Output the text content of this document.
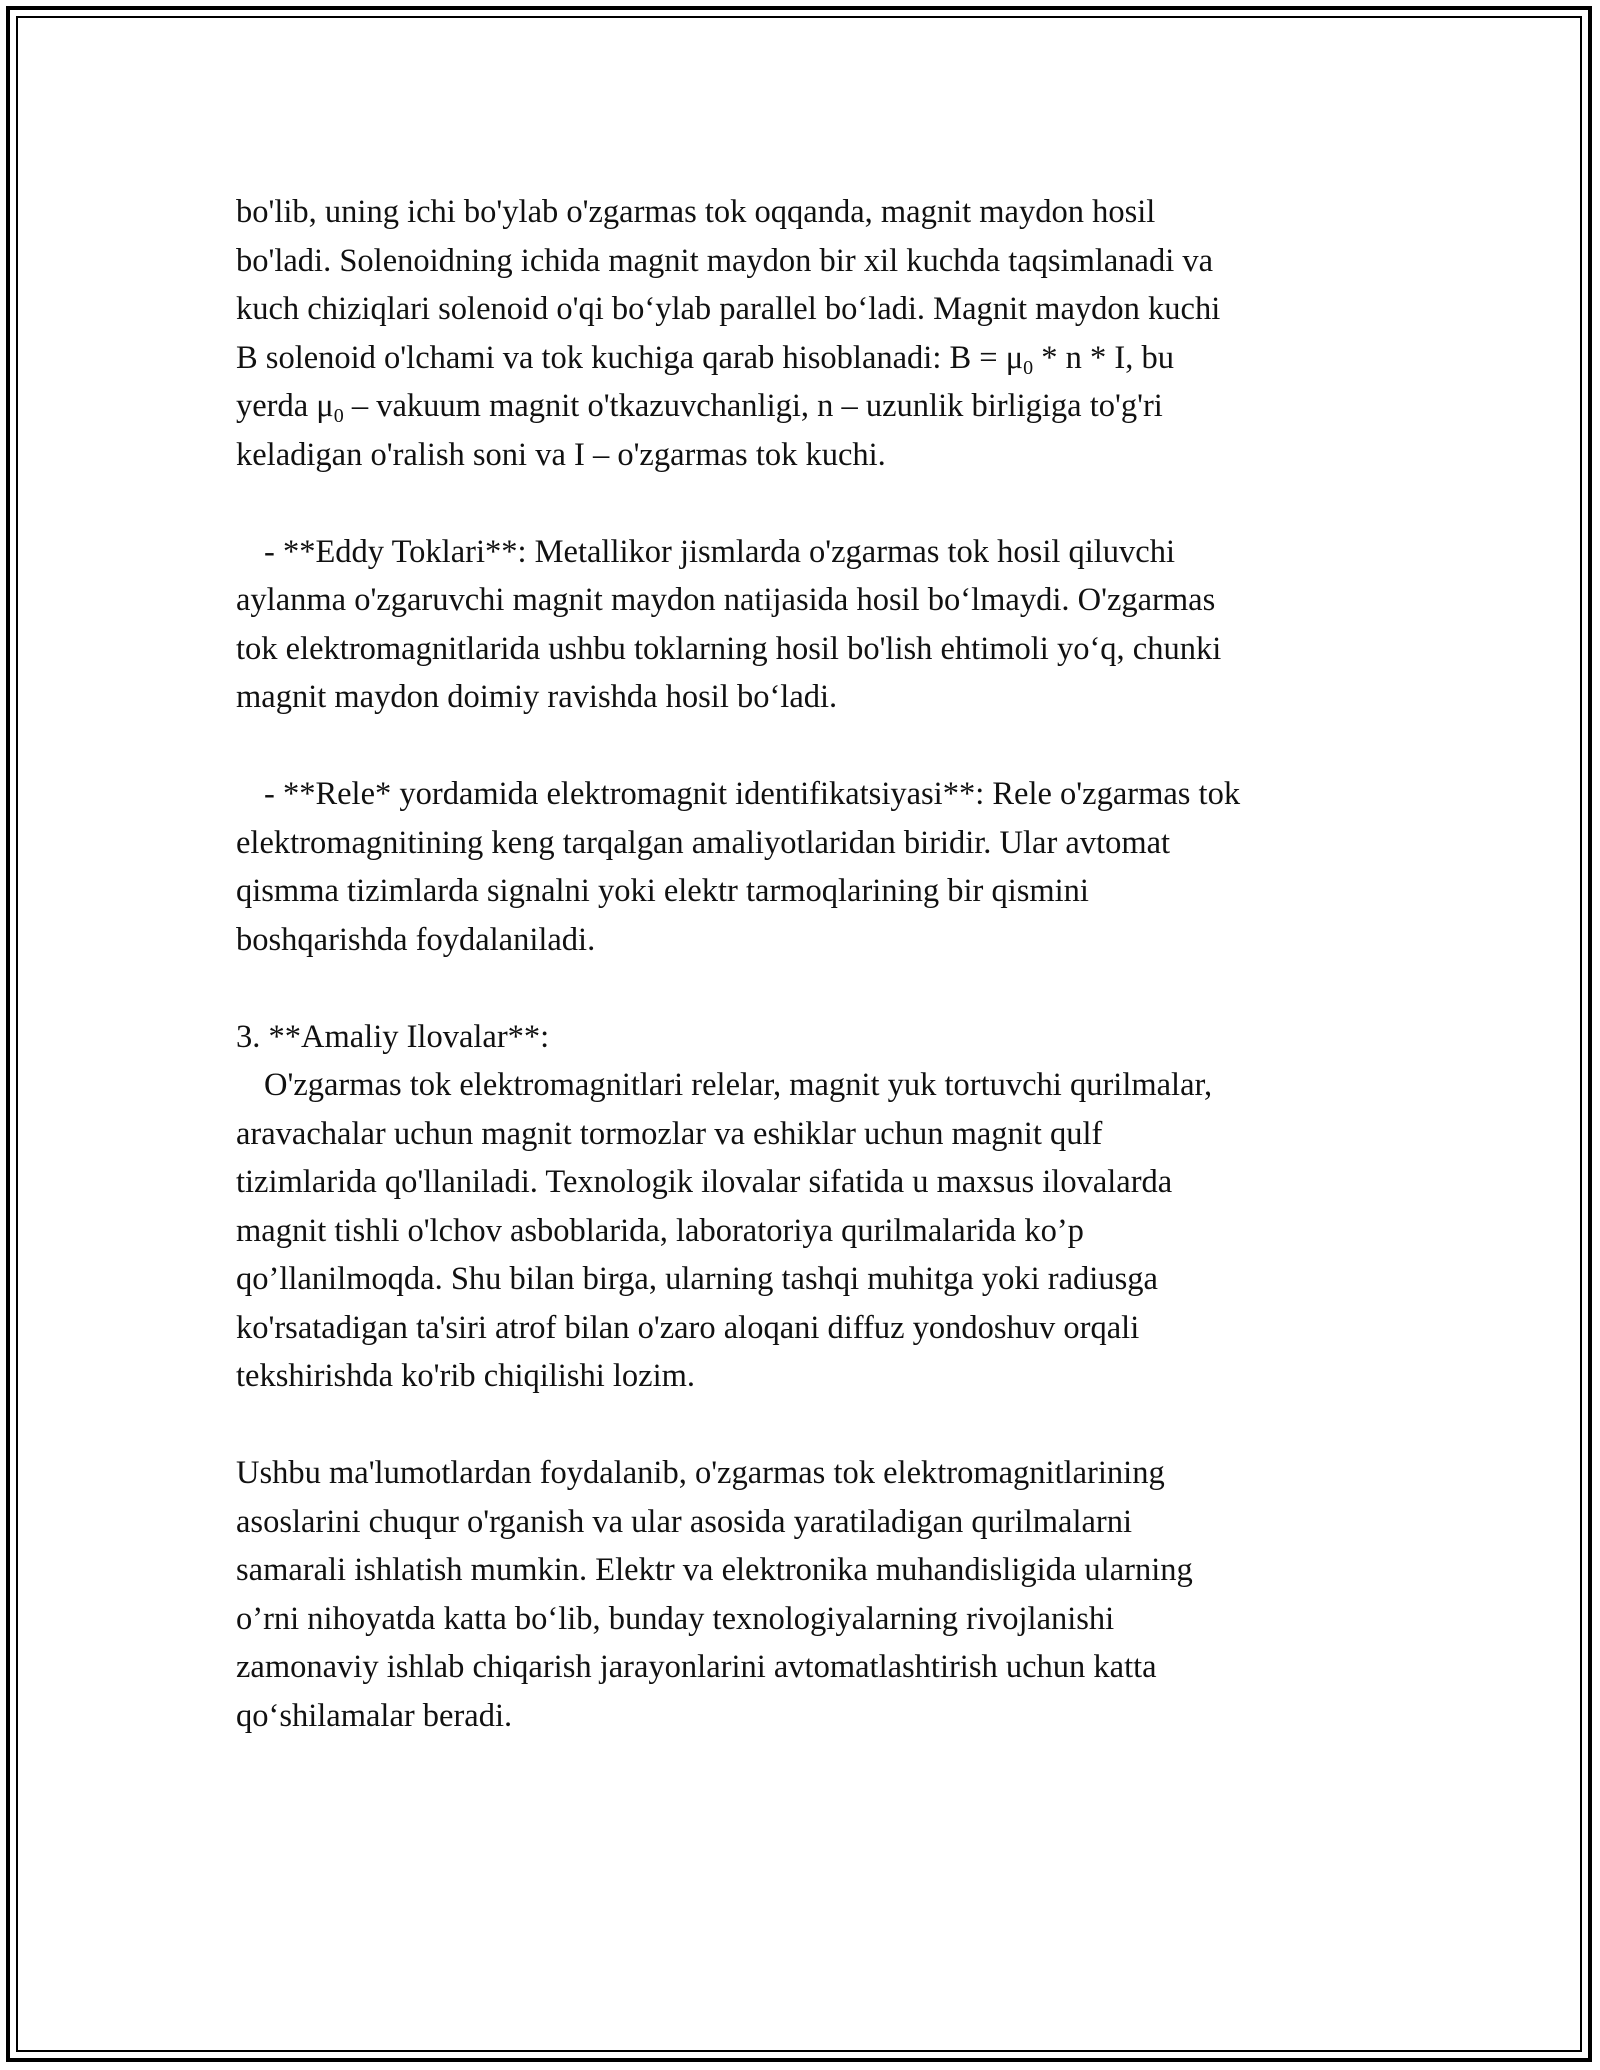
bo'lib, uning ichi bo'ylab o'zgarmas tok oqqanda, magnit maydon hosil

bo'ladi. Solenoidning ichida magnit maydon bir xil kuchda taqsimlanadi va

kuch chiziqlari solenoid o'qi bo‘ylab parallel bo‘ladi. Magnit maydon kuchi

B solenoid o'lchami va tok kuchiga qarab hisoblanadi: $B = \mu_0 * n * I$, bu

yerda $\mu_0$ – vakuum magnit o'tkazuvchanligi, n – uzunlik birligiga to'g'ri

keladigan o'ralish soni va I – o'zgarmas tok kuchi.

- **Eddy Toklari**: Metallikor jismlarda o'zgarmas tok hosil qiluvchi

aylanma o'zgaruvchi magnit maydon natijasida hosil bo‘lmaydi. O'zgarmas

tok elektromagnitlarida ushbu toklarning hosil bo'lish ehtimoli yo‘q, chunki

magnit maydon doimiy ravishda hosil bo‘ladi.

- **Rele* yordamida elektromagnit identifikatsiyasi**: Rele o'zgarmas tok

elektromagnitining keng tarqalgan amaliyotlaridan biridir. Ular avtomat

qismma tizimlarda signalni yoki elektr tarmoqlarining bir qismini

boshqarishda foydalaniladi.

3. **Amaliy Ilovalar**:

O'zgarmas tok elektromagnitlari relelar, magnit yuk tortuvchi qurilmalar,

aravachalar uchun magnit tormozlar va eshiklar uchun magnit qulf

tizimlarida qo'llaniladi. Texnologik ilovalar sifatida u maxsus ilovalarda

magnit tishli o'lchov asboblarida, laboratoriya qurilmalarida ko’p

qo’llanilmoqda. Shu bilan birga, ularning tashqi muhitga yoki radiusga

ko'rsatadigan ta'siri atrof bilan o'zaro aloqani diffuz yondoshuv orqali

tekshirishda ko'rib chiqilishi lozim.

Ushbu ma'lumotlardan foydalanib, o'zgarmas tok elektromagnitlarining

asoslarini chuqur o'rganish va ular asosida yaratiladigan qurilmalarni

samarali ishlatish mumkin. Elektr va elektronika muhandisligida ularning

o’rni nihoyatda katta bo‘lib, bunday texnologiyalarning rivojlanishi

zamonaviy ishlab chiqarish jarayonlarini avtomatlashtirish uchun katta

qo‘shilamalar beradi.
